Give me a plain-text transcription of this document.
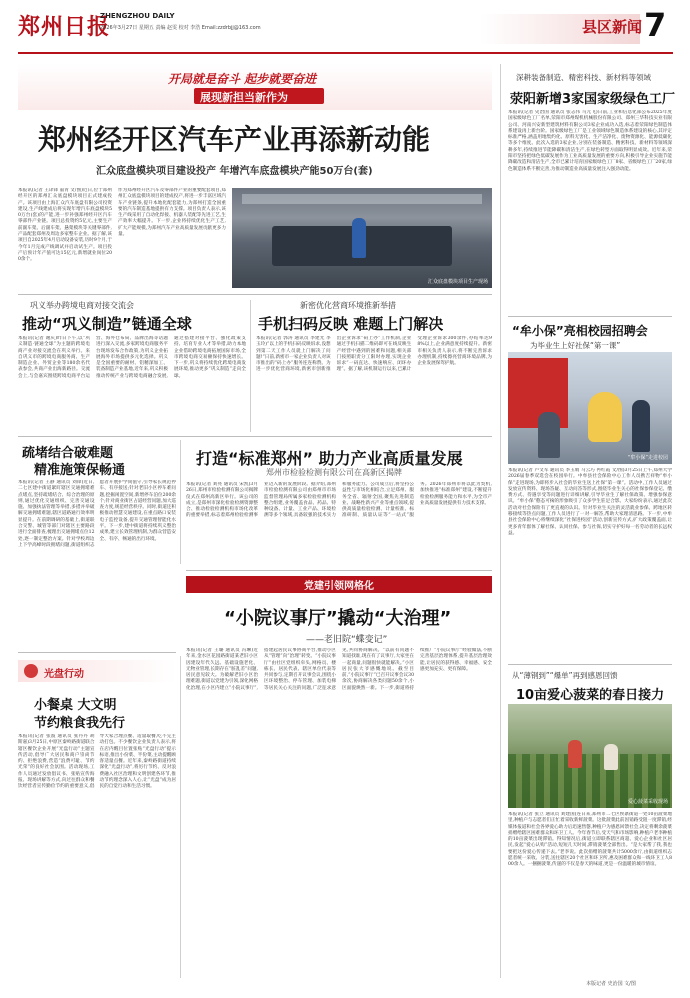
郑州日报
ZHENGZHOU DAILY
2026年3月27日 星期五 责编 赵雯 校对 李浩 Email:zzdrbjj@163.com	县区新闻 7
开局就是奋斗 起步就要奋进
展现新担当新作为
郑州经开区汽车产业再添新动能
汇众底盘模块项目建设投产 年增汽车底盘模块产能50万台(套)
本报讯(记者 王译锋 董青 文/图)近日,位于郑州经开区的郑州汇众底盘模块项目正式建成投产。该项目由上海汇众汽车底盘有限公司投资建设,生产线建成后将实现年增汽车底盘模块50万台(套)的产能,进一步补强郑州经开区汽车零部件产业链。项目总投资约5亿元,主要生产前副车架、后副车架、悬架模块等关键零部件,产品配套郑州及周边多家整车企业。据了解,该项目自2025年4月启动设备安装,历时9个月,于今年1月完成产线调试并启动试生产。项目投产后预计年产值可达15亿元,新增就业岗位200余个。
作为郑州经开区汽车及零部件产业的重要配套项目,郑州汇众底盘模块项目的建成投产,将进一步丰富区域汽车产业链条,提升本地化配套能力,为郑州打造全国重要的汽车制造基地提供有力支撑。项目负责人表示,该生产线采用了自动化焊接、机器人装配等先进工艺,生产效率大幅提升。下一步,企业将持续优化生产工艺,扩大产能规模,为郑州汽车产业高质量发展贡献更多力量。
汇众底盘模块项目生产现场
巩义举办跨境电商对接交流会
推动“巩义制造”链通全球
本报讯(记者 谢庆)昨日下午,以“巩义制造·链通全球”为主题的跨境电商产业对接交流会在巩义举行。来自巩义市的跨境电商服务商、生产制造企业、外贸企业等180余名代表参会,共商产业出海新路径。交流会上,与会嘉宾围绕跨境电商平台运营、海外仓布局、品牌出海等话题进行深入交流,多家跨境电商服务平台现场发布合作政策,为巩义企业拓展海外市场提供多元化选择。巩义是全国重要的耐材、铝精深加工、装备制造产业基地,近年来,巩义积极推动传统产业与跨境电商融合发展,通过搭建对接平台、强化政策支持、培育专业人才等举措,助力本地企业借助跨境电商拓展国际市场,全市跨境电商交易额保持快速增长。下一步,巩义将持续优化跨境电商发展环境,推动更多“巩义制造”走向全球。
新密优化营商环境推新举措
手机扫码反映 难题上门解决
本报讯(记者 郭涛 通讯员 李建光 李玉玲)“以上的手机扫码反映诉求,没想到第二天工作人员就上门解决了问题!”日前,新密市一家企业负责人对该市推出的“码上办”服务连连称赞。为进一步优化营商环境,新密市创新推出企业诉求“码上办”工作机制,企业通过手机扫描二维码即可在线反映生产经营中遇到的困难和问题,相关部门按照职责分工限时办理,实现企业诉求“一码直达、快速响应、闭环办理”。据了解,该机制运行以来,已累计受理企业诉求300余件,办结率达98%以上,企业满意度持续提升。新密市相关负责人表示,将不断完善诉求办理机制,持续擦亮营商环境品牌,为企业发展保驾护航。
疏堵结合破难题
精准施策保畅通
本报讯(记者 王静 通讯员 刘锋)近日,二七区建中街道紧盯辖区交通拥堵难点堵点,坚持疏堵结合、综合治理的原则,通过优化交通组织、完善交通设施、加强执法管理等举措,多措并举破解交通拥堵难题,辖区道路通行效率明显提升。在前期调研的基础上,街道联合交警、城管等部门对辖区主要路段进行全面排查,梳理出交通拥堵点位12处,逐一制定整治方案。针对学校周边上下学高峰时段拥堵问题,街道组织志愿者开展护学岗值守,引导家长规范停车、有序接送;针对老旧小区停车难问题,挖掘闲置空间,新增停车泊位200余个;针对商业街区占道经营问题,加大巡查力度,规范经营秩序。同时,街道还积极推动智慧交通建设,在重点路口安装电子监控设备,提升交通管理智能化水平。下一步,建中街道将持续巩义整治成果,建立长效管理机制,为群众营造安全、有序、畅通的出行环境。
打造“标准郑州” 助力产业高质量发展
郑州市检验检测有限公司在高新区揭牌
本报讯(记者 刘亮 通讯员 宋凯)3月26日,郑州市检验检测有限公司揭牌仪式在郑州高新区举行。该公司的成立,是郑州市深化检验检测资源整合、推动检验检测机构市场化改革的重要举措,标志着郑州检验检测事业迈入新的发展阶段。据介绍,郑州市检验检测有限公司由郑州市市场监督管理局所属多家检验检测机构整合组建,业务覆盖食品、药品、特种设备、计量、工业产品、环境检测等多个领域,具备较强的技术实力和服务能力。公司成立后,将坚持公益性与市场化相结合,立足郑州、服务全省、辐射全国,聚焦先进制造业、战略性新兴产业等重点领域,提供高质量检验检测、计量校准、标准研制、质量认证等“一站式”服务。2026年郑州市将以此为契机,加快推进“标准郑州”建设,不断提升检验检测服务能力和水平,为全市产业高质量发展提供有力技术支撑。
党建引领网格化
“小院议事厅”撬动“大治理”
——老旧院“蝶变记”
本报讯(记者 王璐 通讯员 冯琳)近年来,金水区花园路街道某老旧小区因建设年代久远、基础设施老化、无物业管理,长期存在“脏乱差”问题,居民意见较大。为破解老旧小区治理难题,街道以党建为引领,深化网格化治理,在小区内建立“小院议事厅”,搭建起居民议事协商平台,推动小区从“管理”向“治理”转变。“小院议事厅”由社区党组织牵头,网格员、楼栋长、居民代表、辖区单位代表等共同参与,定期召开议事会议,围绕小区环境整治、停车管理、加装电梯等居民关心关注的问题,广泛征求意见,共同协商解决。“以前有问题不知道找谁,现在有了议事厅,大家坐在一起商量,问题很快就能解决。”小区居民张大爷感慨地说。截至目前,“小院议事厅”已召开议事会议30余次,协商解决各类问题50余个,小区面貌焕然一新。下一步,街道将持续推广“小院议事厅”经验做法,不断完善基层治理体系,提升基层治理效能,让居民的获得感、幸福感、安全感更加充实、更有保障。
光盘行动
小餐桌 大文明
节约粮食我先行
本报讯(记者 张波 通讯员 张丹丹 胡斯嘉)3月25日,中原区秦岭路街道联合辖区餐饮企业开展“光盘行动”主题宣传活动,倡导广大居民和商户崇尚节约、拒绝浪费,营造“浪费可耻、节约光荣”的良好社会氛围。活动现场,工作人员通过发放倡议书、张贴宣传海报、现场讲解等方式,向过往群众和餐饮经营者宣传勤俭节约的重要意义,倡导大家合理点餐、适量取餐,吃不完主动打包。不少餐饮企业负责人表示,将在店内醒目位置张贴“光盘行动”提示标语,推出小份菜、半份菜,主动提醒顾客适量点餐。近年来,秦岭路街道持续深化“光盘行动”,将厉行节约、反对浪费融入社区治理和文明创建各环节,推动节约理念深入人心,让“光盘”成为居民的自觉行动和生活习惯。
深耕装备制造、精密科技、新材料等领域
荥阳新增3家国家级绿色工厂
本报讯(记者 史治国 通讯员 张志伟 马元飞)日前,工业和信息化部公布2025年度国家级绿色工厂名单,荥阳市郑州煤机机械股份有限公司、郑州三华科技实业有限公司、河南兴安新型建筑材料有限公司3家企业成功入选,标志着荥阳绿色制造体系建设再上新台阶。国家级绿色工厂是工业领域绿色制造体系建设的核心,其评定标准严格,涵盖用地集约化、原料无害化、生产洁净化、废物资源化、能源低碳化等多个维度。此次入选的3家企业,分别在装备制造、精密科技、新材料等领域深耕多年,持续推进节能降碳和清洁生产,在绿色转型方面取得明显成效。近年来,荥阳市坚持把绿色低碳发展作为工业高质量发展的重要方向,积极引导企业实施节能降碳改造和清洁生产,全市已累计培育国家级绿色工厂8家、省级绿色工厂20家,绿色制造体系不断完善,为推动制造业高质量发展注入强劲动能。
“牟小保”亮相校园招聘会
为毕业生上好社保“第一课”
“牟小保”走进校园
本报讯(记者 卢文军 通讯员 李玉娟 马云巧 冉红霞 文/图)3月25日上午,郑州大学2026届春季双选会在校园举行。中牟县社会保险中心工作人员携吉祥物“牟小保”走进现场,为即将步入社会的毕业生送上社保“第一课”。活动中,工作人员通过发放宣传资料、现场答疑、互动问答等形式,围绕毕业生关心的社保参保登记、缴费方式、待遇享受等问题进行详细讲解,引导毕业生了解社保政策、增强参保意识。“牟小保”憨态可掬的形象吸引了众多学生驻足合影。大家纷纷表示,通过此次活动对社会保险有了更直观的认识。针对毕业生关注的灵活就业参保、跨地区转移接续等热点问题,工作人员进行了一对一解答,帮助大家理清思路。下一步,中牟县社会保险中心将继续深化“社保进校园”活动,创新宣传方式,扩大政策覆盖面,让更多青年群体了解社保、认同社保、参与社保,切实守护好每一名劳动者的长远权益。
从“薄钢到”“爆单”再到感恩回馈
10亩爱心菠菜的春日接力
爱心菠菜采收现场
本报讯(记者 张立 通讯员 刘建国)连日来,郑州市二七区侯寨街道一处10亩菠菜地里,种植户与志愿者们正忙着采收新鲜菠菜。这批菠菜此前因销路受阻一度滞销,经媒体报道和社会各界爱心助力后迅速售罄,种植户为感恩回馈社会,决定将剩余菠菜捐赠给辖区困难群众和环卫工人。今年春节后,受天气和市场影响,种植户老李种植的10亩菠菜出现滞销。得知情况后,街道立即联系辖区商超、爱心企业和社区居民,发起“爱心认购”活动,短短几天时间,滞销菠菜全部售出。“是大家帮了我,我也要把这份爱心传递下去。”老李说。此次捐赠的菠菜共计5000余斤,由街道组织志愿者统一采收、分装,送往辖区20个社区和环卫所,惠及困难群众和一线环卫工人800余人。一捆捆菠菜,传递的不仅是春天的味道,更是一份温暖的城市情谊。
本版记者 史治国 文/图
